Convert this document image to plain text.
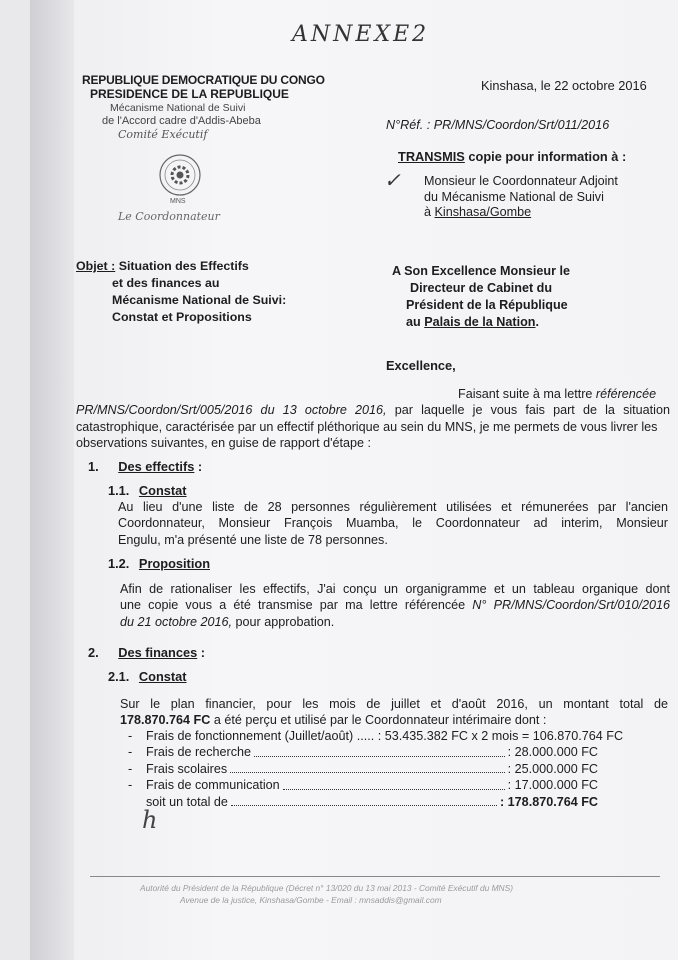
ANNEXE2
REPUBLIQUE DEMOCRATIQUE DU CONGO
PRESIDENCE DE LA REPUBLIQUE
Mécanisme National de Suivi
de l'Accord cadre d'Addis-Abeba
Comité Exécutif
MNS
Le Coordonnateur
Kinshasa, le 22 octobre 2016
N°Réf. : PR/MNS/Coordon/Srt/011/2016
TRANSMIS copie pour information à :
✓ Monsieur le Coordonnateur Adjoint
du Mécanisme National de Suivi
à Kinshasa/Gombe
Objet : Situation des Effectifs
et des finances au
Mécanisme National de Suivi:
Constat et Propositions
A Son Excellence Monsieur le
Directeur de Cabinet du
Président de la République
au Palais de la Nation.
Excellence,
Faisant suite à ma lettre référencée
PR/MNS/Coordon/Srt/005/2016 du 13 octobre 2016, par laquelle je vous fais part de la situation
catastrophique, caractérisée par un effectif pléthorique au sein du MNS, je me permets de vous livrer les
observations suivantes, en guise de rapport d'étape :
1. Des effectifs :
1.1. Constat
Au lieu d'une liste de 28 personnes régulièrement utilisées et rémunerées par l'ancien
Coordonnateur, Monsieur François Muamba, le Coordonnateur ad interim, Monsieur
Engulu, m'a présenté une liste de 78 personnes.
1.2. Proposition
Afin de rationaliser les effectifs, J'ai conçu un organigramme et un tableau organique dont
une copie vous a été transmise par ma lettre référencée N° PR/MNS/Coordon/Srt/010/2016
du 21 octobre 2016, pour approbation.
2. Des finances :
2.1. Constat
Sur le plan financier, pour les mois de juillet et d'août 2016, un montant total de
178.870.764 FC a été perçu et utilisé par le Coordonnateur intérimaire dont :
- Frais de fonctionnement (Juillet/août) ..... : 53.435.382 FC x 2 mois = 106.870.764 FC
-	Frais de recherche	: 28.000.000 FC
-	Frais scolaires	: 25.000.000 FC
-	Frais de communication	: 17.000.000 FC
soit un total de	: 178.870.764 FC
h
Autorité du Président de la République (Décret n° 13/020 du 13 mai 2013 - Comité Exécutif du MNS)
Avenue de la justice, Kinshasa/Gombe - Email : mnsaddis@gmail.com
